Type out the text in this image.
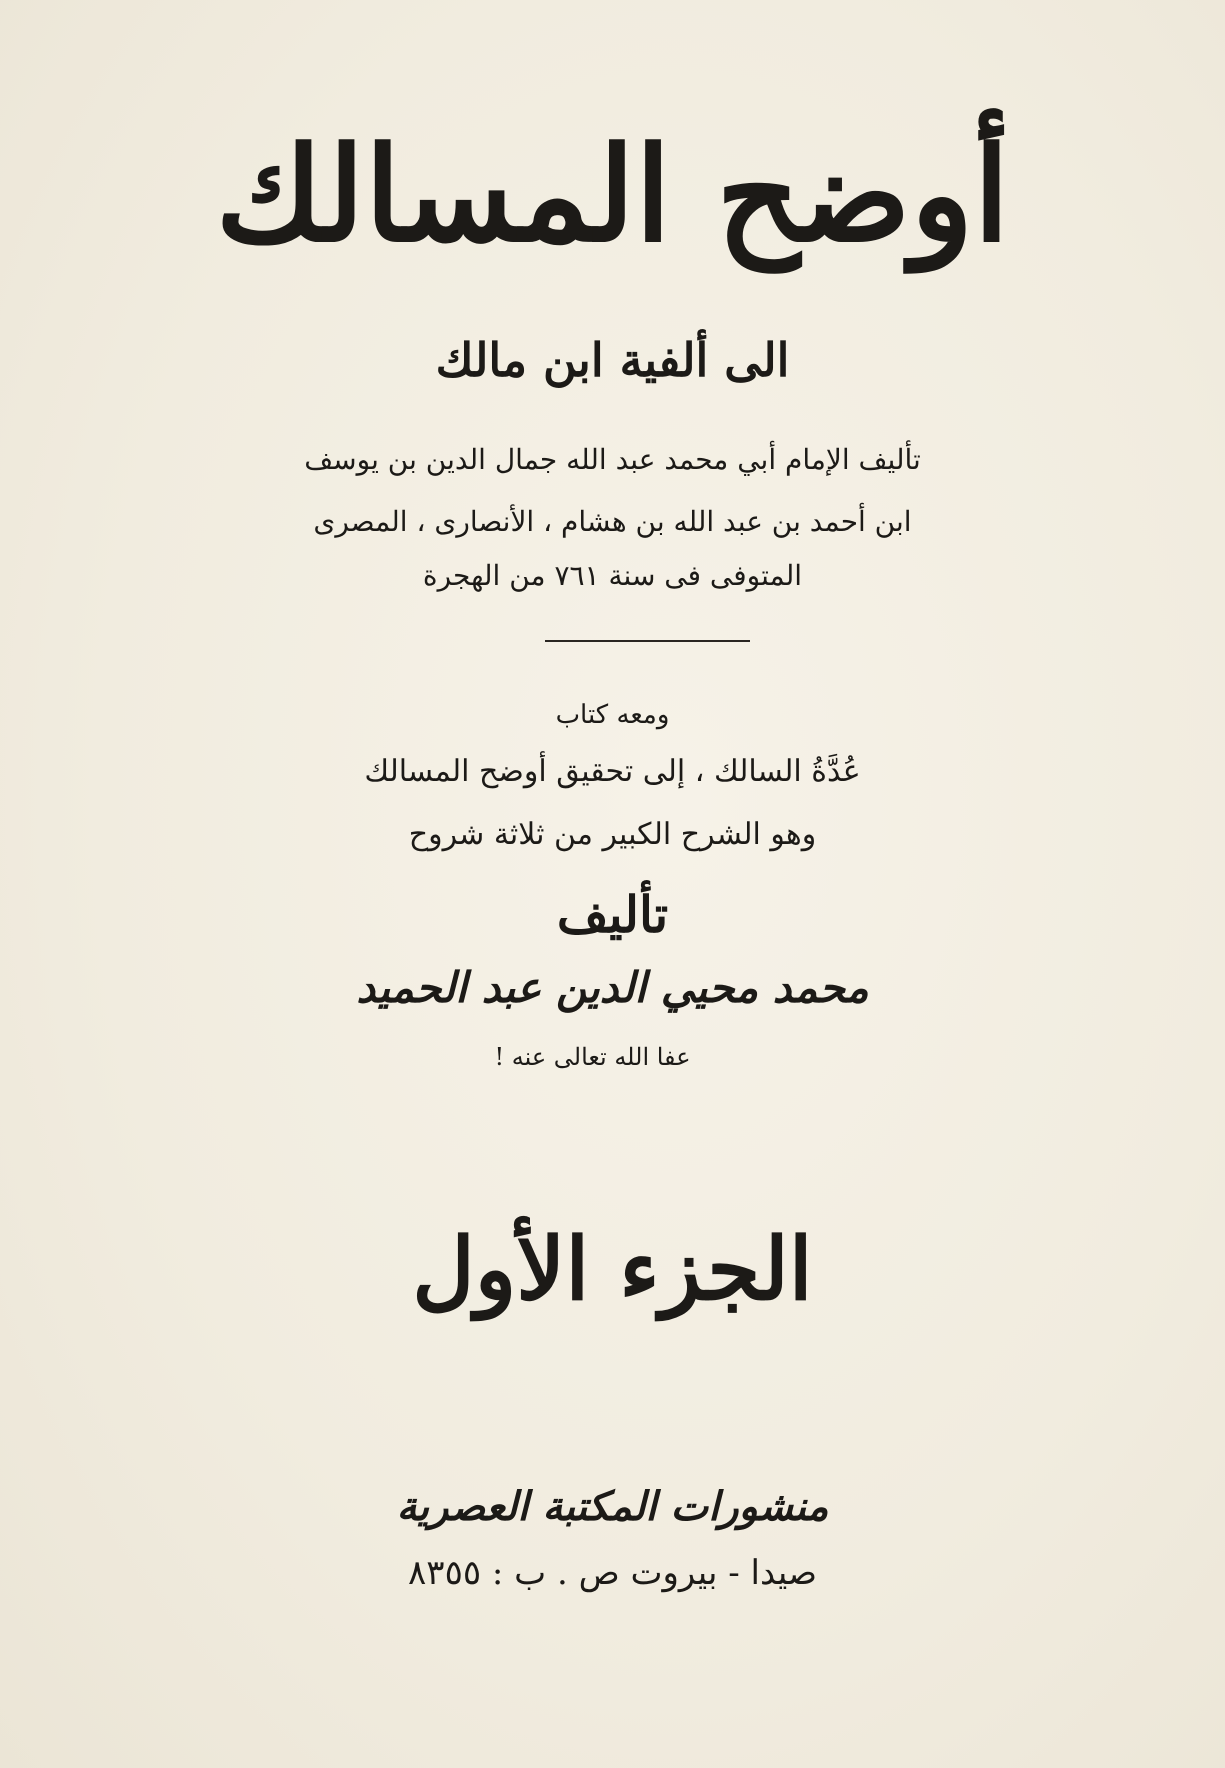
أوضح المسالك
الى ألفية ابن مالك
تأليف الإمام أبي محمد عبد الله جمال الدين بن يوسف
ابن أحمد بن عبد الله بن هشام ، الأنصارى ، المصرى
المتوفى فى سنة ٧٦١ من الهجرة
ومعه كتاب
عُدَّةُ السالك ، إلى تحقيق أوضح المسالك
وهو الشرح الكبير من ثلاثة شروح
تأليف
محمد محيي الدين عبد الحميد
عفا الله تعالى عنه !
الجزء الأول
منشورات المكتبة العصرية
صيدا - بيروت ص . ب : ٨٣٥٥
